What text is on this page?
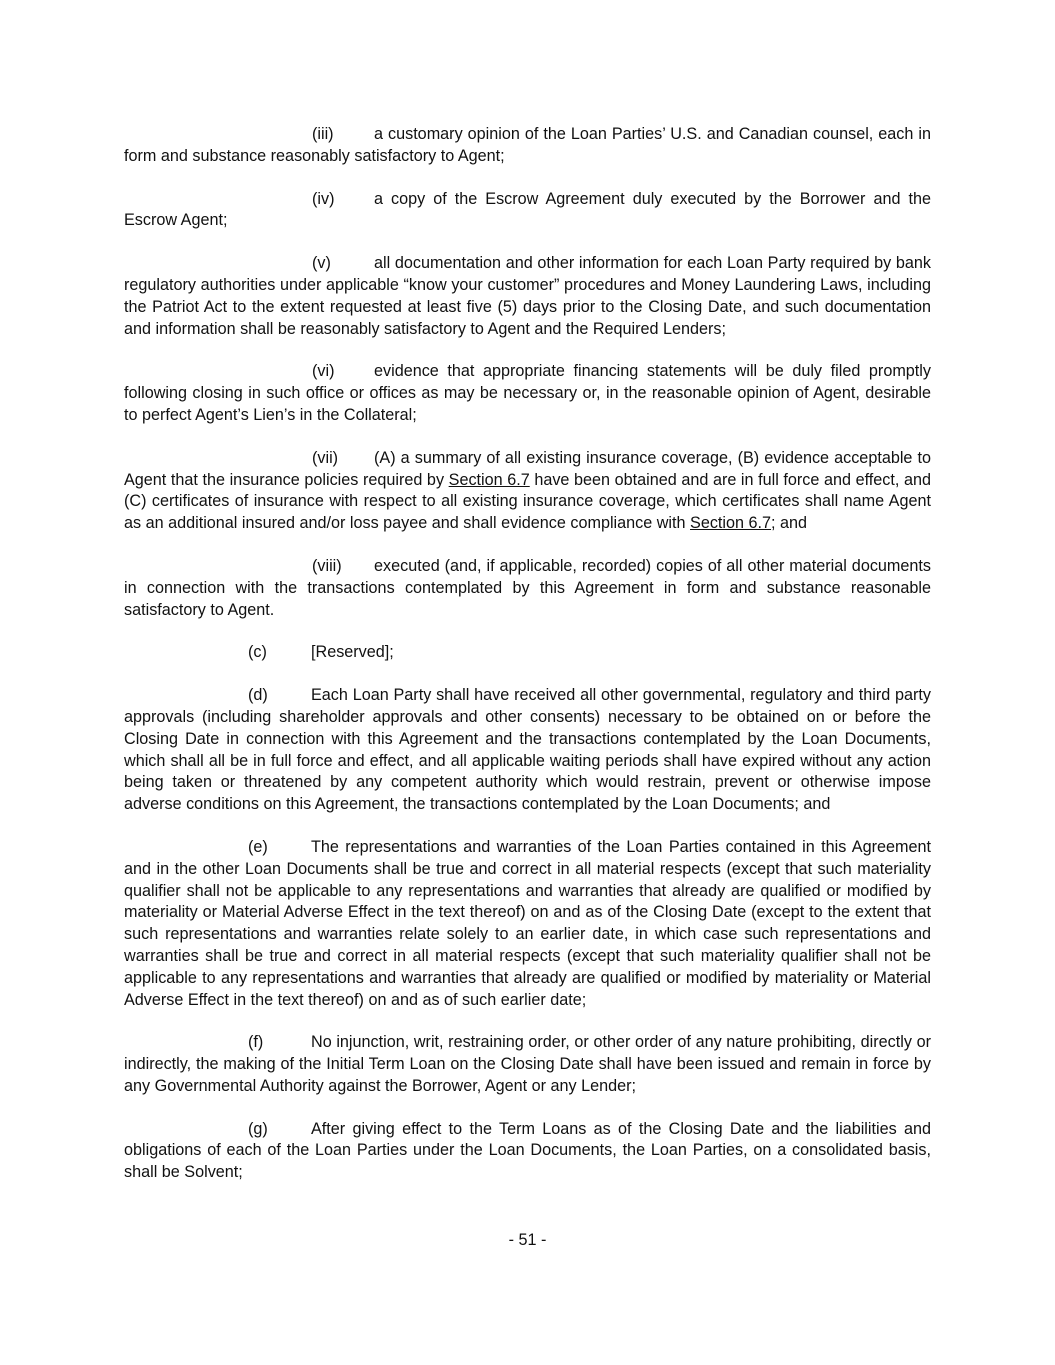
(iii) a customary opinion of the Loan Parties’ U.S. and Canadian counsel, each in form and substance reasonably satisfactory to Agent;

(iv) a copy of the Escrow Agreement duly executed by the Borrower and the Escrow Agent;

(v)	all documentation and other information for each Loan Party required by bank regulatory authorities under applicable “know your customer” procedures and Money Laundering Laws, including the Patriot Act to the extent requested at least five (5) days prior to the Closing Date, and such documentation and information shall be reasonably satisfactory to Agent and the Required Lenders;

(vi) evidence that appropriate financing statements will be duly filed promptly following closing in such office or offices as may be necessary or, in the reasonable opinion of Agent, desirable to perfect Agent’s Lien’s in the Collateral;

(vii) (A) a summary of all existing insurance coverage, (B) evidence acceptable to Agent that the insurance policies required by Section 6.7 have been obtained and are in full force and effect, and (C) certificates of insurance with respect to all existing insurance coverage, which certificates shall name Agent as an additional insured and/or loss payee and shall evidence compliance with Section 6.7; and

(viii) executed (and, if applicable, recorded) copies of all other material documents in connection with the transactions contemplated by this Agreement in form and substance reasonable satisfactory to Agent.

(c)	[Reserved];

(d)	Each Loan Party shall have received all other governmental, regulatory and third party approvals (including shareholder approvals and other consents) necessary to be obtained on or before the Closing Date in connection with this Agreement and the transactions contemplated by the Loan Documents, which shall all be in full force and effect, and all applicable waiting periods shall have expired without any action being taken or threatened by any competent authority which would restrain, prevent or otherwise impose adverse conditions on this Agreement, the transactions contemplated by the Loan Documents; and

(e)	The representations and warranties of the Loan Parties contained in this Agreement and in the other Loan Documents shall be true and correct in all material respects (except that such materiality qualifier shall not be applicable to any representations and warranties that already are qualified or modified by materiality or Material Adverse Effect in the text thereof) on and as of the Closing Date (except to the extent that such representations and warranties relate solely to an earlier date, in which case such representations and warranties shall be true and correct in all material respects (except that such materiality qualifier shall not be applicable to any representations and warranties that already are qualified or modified by materiality or Material Adverse Effect in the text thereof) on and as of such earlier date;

(f)	No injunction, writ, restraining order, or other order of any nature prohibiting, directly or indirectly, the making of the Initial Term Loan on the Closing Date shall have been issued and remain in force by any Governmental Authority against the Borrower, Agent or any Lender;

(g)	After giving effect to the Term Loans as of the Closing Date and the liabilities and obligations of each of the Loan Parties under the Loan Documents, the Loan Parties, on a consolidated basis, shall be Solvent;

- 51 -
